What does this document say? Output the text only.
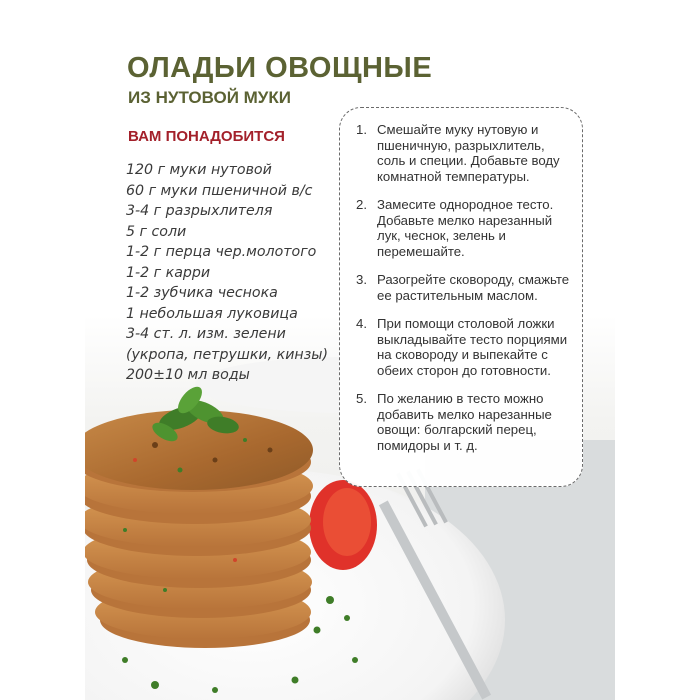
ОЛАДЬИ ОВОЩНЫЕ
ИЗ НУТОВОЙ МУКИ
ВАМ ПОНАДОБИТСЯ
120 г муки нутовой
60 г муки пшеничной в/с
3-4 г разрыхлителя
5 г соли
1-2 г перца чер.молотого
1-2 г карри
1-2 зубчика чеснока
1 небольшая луковица
3-4 ст. л. изм. зелени
(укропа, петрушки, кинзы)
200±10 мл воды
1. Смешайте муку нутовую и пшеничную, разрыхлитель, соль и специи. Добавьте воду комнатной температуры.
2. Замесите однородное тесто. Добавьте мелко нарезанный лук, чеснок, зелень и перемешайте.
3. Разогрейте сковороду, смажьте ее растительным маслом.
4. При помощи столовой ложки выкладывайте тесто порциями на сковороду и выпекайте с обеих сторон до готовности.
5. По желанию в тесто можно добавить мелко нарезанные овощи: болгарский перец, помидоры и т. д.
